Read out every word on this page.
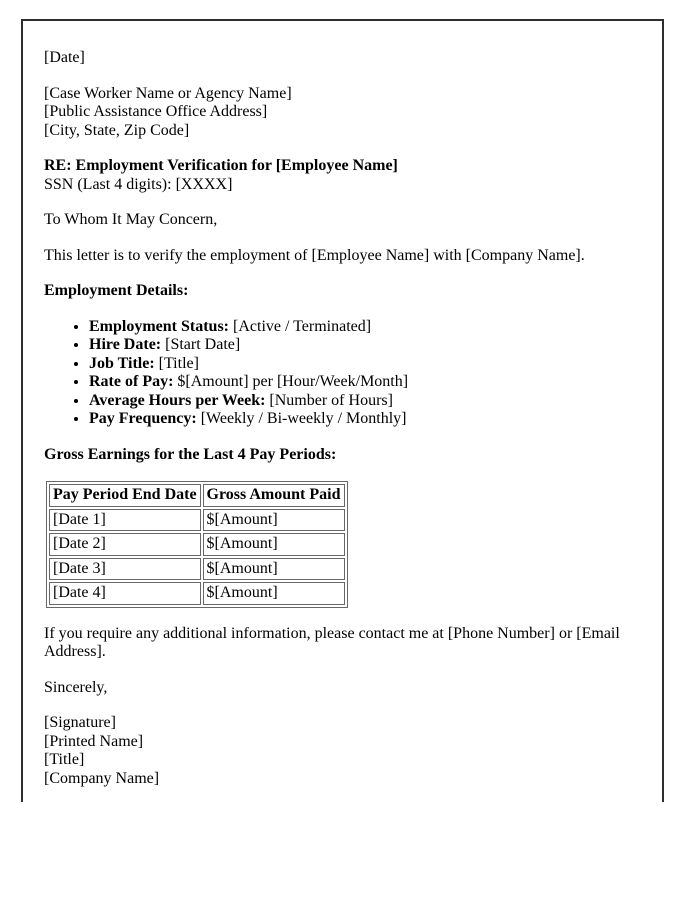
[Date]

[Case Worker Name or Agency Name]
[Public Assistance Office Address]
[City, State, Zip Code]

RE: Employment Verification for [Employee Name]
SSN (Last 4 digits): [XXXX]

To Whom It May Concern,

This letter is to verify the employment of [Employee Name] with [Company Name].

Employment Details:

• Employment Status: [Active / Terminated]
• Hire Date: [Start Date]
• Job Title: [Title]
• Rate of Pay: $[Amount] per [Hour/Week/Month]
• Average Hours per Week: [Number of Hours]
• Pay Frequency: [Weekly / Bi-weekly / Monthly]

Gross Earnings for the Last 4 Pay Periods:

Pay Period End Date	Gross Amount Paid
[Date 1]	$[Amount]
[Date 2]	$[Amount]
[Date 3]	$[Amount]
[Date 4]	$[Amount]

If you require any additional information, please contact me at [Phone Number] or [Email Address].

Sincerely,

[Signature]
[Printed Name]
[Title]
[Company Name]
